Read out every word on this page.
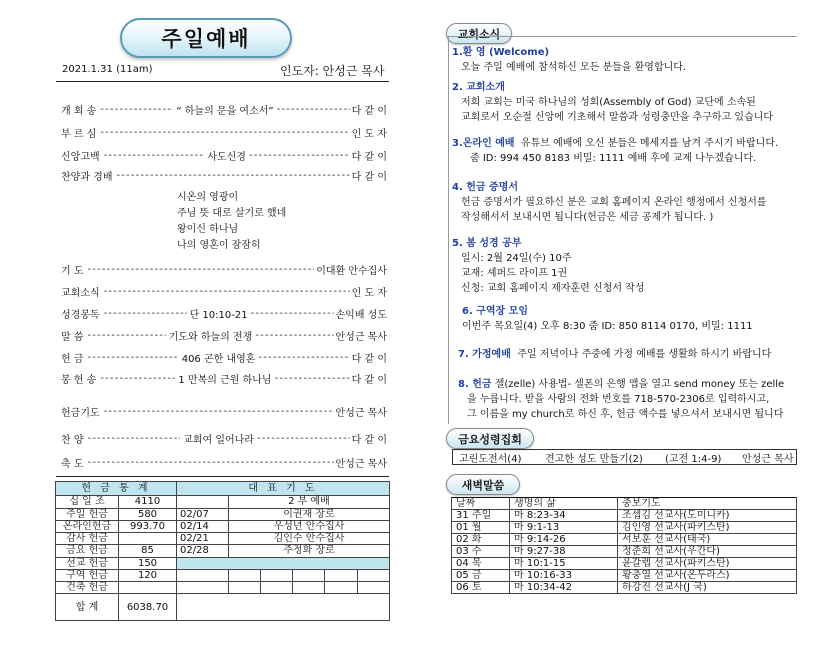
주일예배
2021.1.31 (11am)	인도자: 안성근 목사
개 회 송 - - -	“ 하늘의 문을 여소서” - - -	다 같 이
부 르 심 - - -	인 도 자
신앙고백 - - -	사도신경 - - -	다 같 이
찬양과 경배 - - -	다 같 이
시온의 영광이
주님 뜻 대로 살기로 했네
왕이신 하나님
나의 영혼이 잠잠히
기 도 - - -	이대환 안수집사
교회소식 - - -	인 도 자
성경봉독 - - -	단 10:10-21 - - -	손익배 성도
말 씀 - - -	기도와 하늘의 전쟁 - - -	안성근 목사
헌 금 - - -	406 곤한 내영혼 - - -	다 같 이
봉 헌 송 - - -	1 만복의 근원 하나님 - - -	다 같 이
헌금기도 - - -	안성근 목사
찬 양 - - -	교회여 일어나라 - - -	다 같 이
축 도 - - -	안성근 목사
헌 금 통 계		대 표 기 도					
십 일 조	4110		2 부 예배				
주일 헌금	580	02/07	이권재 장로				
온라인헌금	993.70	02/14	우성년 안수집사				
감사 헌금		02/21	김인수 안수집사				
금요 헌금	85	02/28	주정화 장로				
선교 헌금	150						
구역 헌금	120						
건축 헌금							
합 계	6038.70						
교회소식
1.환 영 (Welcome)
오늘 주일 예배에 참석하신 모든 분들을 환영합니다.
2. 교회소개
저희 교회는 미국 하나님의 성회(Assembly of God) 교단에 소속된
교회로서 오순절 신앙에 기초해서 말씀과 성령충만을 추구하고 있습니다
3.온라인 예배 유튜브 예배에 오신 분들은 메세지를 남겨 주시기 바랍니다.
줌 ID: 994 450 8183 비밀: 1111 예배 후에 교제 나누겠습니다.
4. 헌금 증명서
헌금 증명서가 필요하신 분은 교회 홈페이지 온라인 행정에서 신청서를
작성해서서 보내시면 됩니다(헌금은 세금 공제가 됩니다. )
5. 봄 성경 공부
일시: 2월 24일(수) 10주
교재: 셰퍼드 라이프 1권
신청: 교회 홈페이지 제자훈련 신청서 작성
6. 구역장 모임
이번주 목요일(4) 오후 8:30 줌 ID: 850 8114 0170, 비밀: 1111
7. 가정예배 주일 저녁이나 주중에 가정 예배를 생활화 하시기 바랍니다
8. 헌금 젤(zelle) 사용법- 셀폰의 은행 앱을 열고 send money 또는 zelle
을 누릅니다. 받을 사람의 전화 번호를 718-570-2306로 입력하시고,
그 이름을 my church로 하신 후, 헌금 액수를 넣으셔서 보내시면 됩니다
금요성령집회
고린도전서(4) 견고한 성도 만들기(2) (고전 1:4-9) 안성근 목사
새벽말씀
날짜	생명의 삶	중보기도
31 주일	마 8:23-34	조셉김 선교사(도미니카)
01 월	마 9:1-13	김인영 선교사(파키스탄)
02 화	마 9:14-26	서보훈 선교사(태국)
03 수	마 9:27-38	정준희 선교사(우간다)
04 목	마 10:1-15	윤갈렙 선교사(파키스탄)
05 금	마 10:16-33	황충열 선교사(온두라스)
06 토	마 10:34-42	하강진 선교사(J 국)
